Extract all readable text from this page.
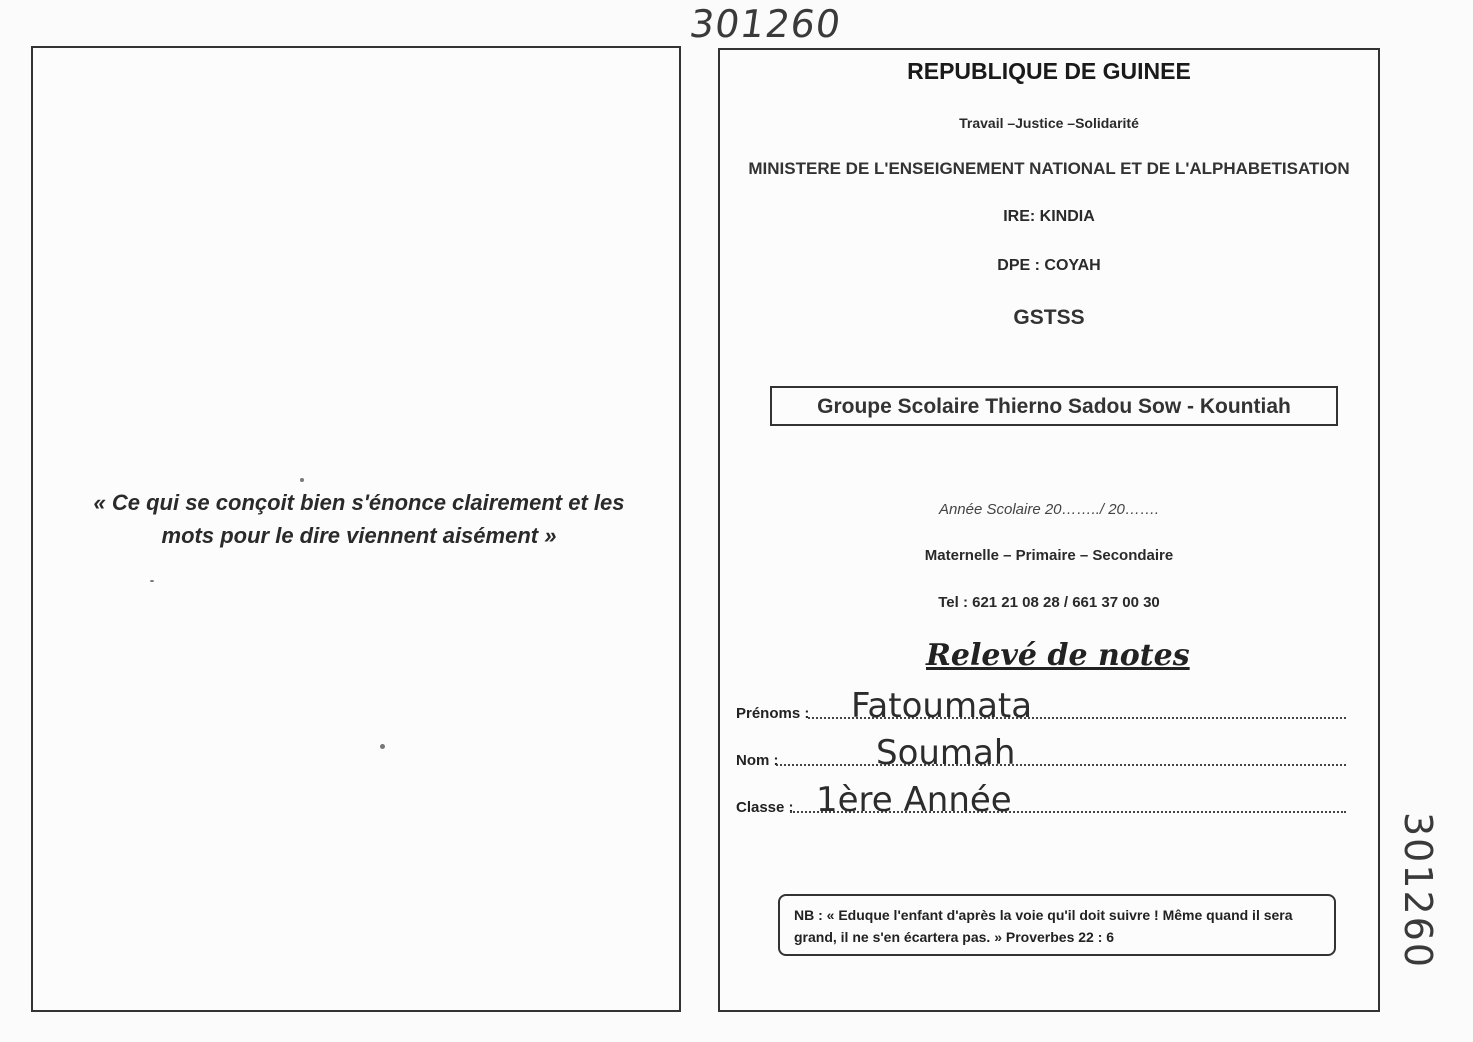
301260
« Ce qui se conçoit bien s'énonce clairement et les
mots pour le dire viennent aisément »
REPUBLIQUE DE GUINEE
Travail –Justice –Solidarité
MINISTERE DE L'ENSEIGNEMENT NATIONAL ET DE L'ALPHABETISATION
IRE: KINDIA
DPE : COYAH
GSTSS
Groupe Scolaire Thierno Sadou Sow - Kountiah
Année Scolaire 20……../ 20…….
Maternelle – Primaire – Secondaire
Tel : 621 21 08 28 / 661 37 00 30
Relevé de notes
Prénoms : Fatoumata
Nom :	Soumah
Classe : 1ère Année
NB : « Eduque l'enfant d'après la voie qu'il doit suivre ! Même quand il sera grand, il ne s'en écartera pas. » Proverbes 22 : 6	301260
